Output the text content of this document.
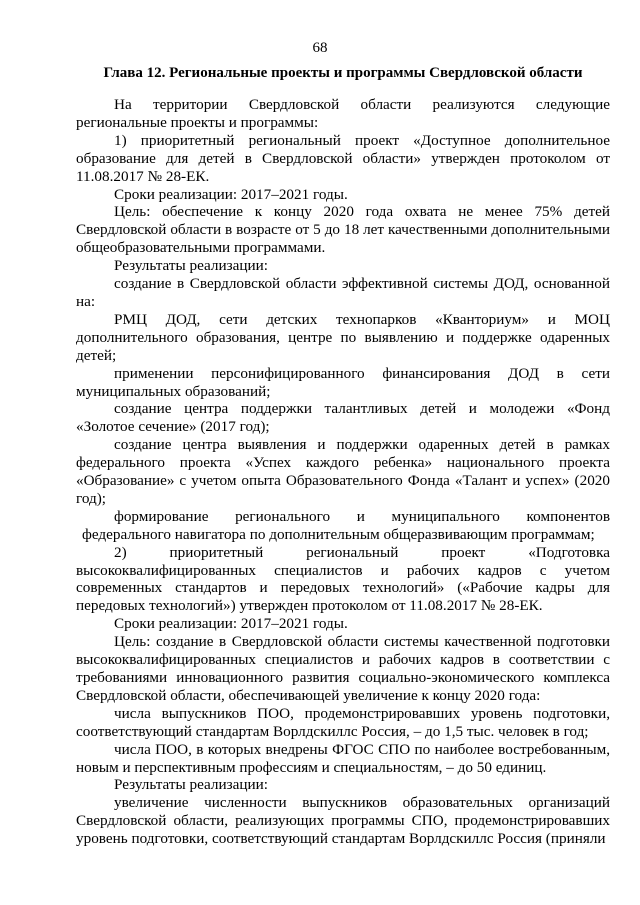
68
Глава 12. Региональные проекты и программы Свердловской области

На территории Свердловской области реализуются следующие региональные проекты и программы:

1) приоритетный региональный проект «Доступное дополнительное образование для детей в Свердловской области» утвержден протоколом от 11.08.2017 № 28-ЕК.

Сроки реализации: 2017–2021 годы.

Цель: обеспечение к концу 2020 года охвата не менее 75% детей Свердловской области в возрасте от 5 до 18 лет качественными дополнительными общеобразовательными программами.

Результаты реализации:

создание в Свердловской области эффективной системы ДОД, основанной на:

РМЦ ДОД, сети детских технопарков «Кванториум» и МОЦ дополнительного образования, центре по выявлению и поддержке одаренных детей;

применении персонифицированного финансирования ДОД в сети муниципальных образований;

создание центра поддержки талантливых детей и молодежи «Фонд «Золотое сечение» (2017 год);

создание центра выявления и поддержки одаренных детей в рамках федерального проекта «Успех каждого ребенка» национального проекта «Образование» с учетом опыта Образовательного Фонда «Талант и успех» (2020 год);

формирование регионального и муниципального компонентов федерального навигатора по дополнительным общеразвивающим программам;

2) приоритетный региональный проект «Подготовка высококвалифицированных специалистов и рабочих кадров с учетом современных стандартов и передовых технологий» («Рабочие кадры для передовых технологий») утвержден протоколом от 11.08.2017 № 28-ЕК.

Сроки реализации: 2017–2021 годы.

Цель: создание в Свердловской области системы качественной подготовки высококвалифицированных специалистов и рабочих кадров в соответствии с требованиями инновационного развития социально-экономического комплекса Свердловской области, обеспечивающей увеличение к концу 2020 года:

числа выпускников ПОО, продемонстрировавших уровень подготовки, соответствующий стандартам Ворлдскиллс Россия, – до 1,5 тыс. человек в год;

числа ПОО, в которых внедрены ФГОС СПО по наиболее востребованным, новым и перспективным профессиям и специальностям, – до 50 единиц.

Результаты реализации:

увеличение численности выпускников образовательных организаций Свердловской области, реализующих программы СПО, продемонстрировавших уровень подготовки, соответствующий стандартам Ворлдскиллс Россия (приняли
